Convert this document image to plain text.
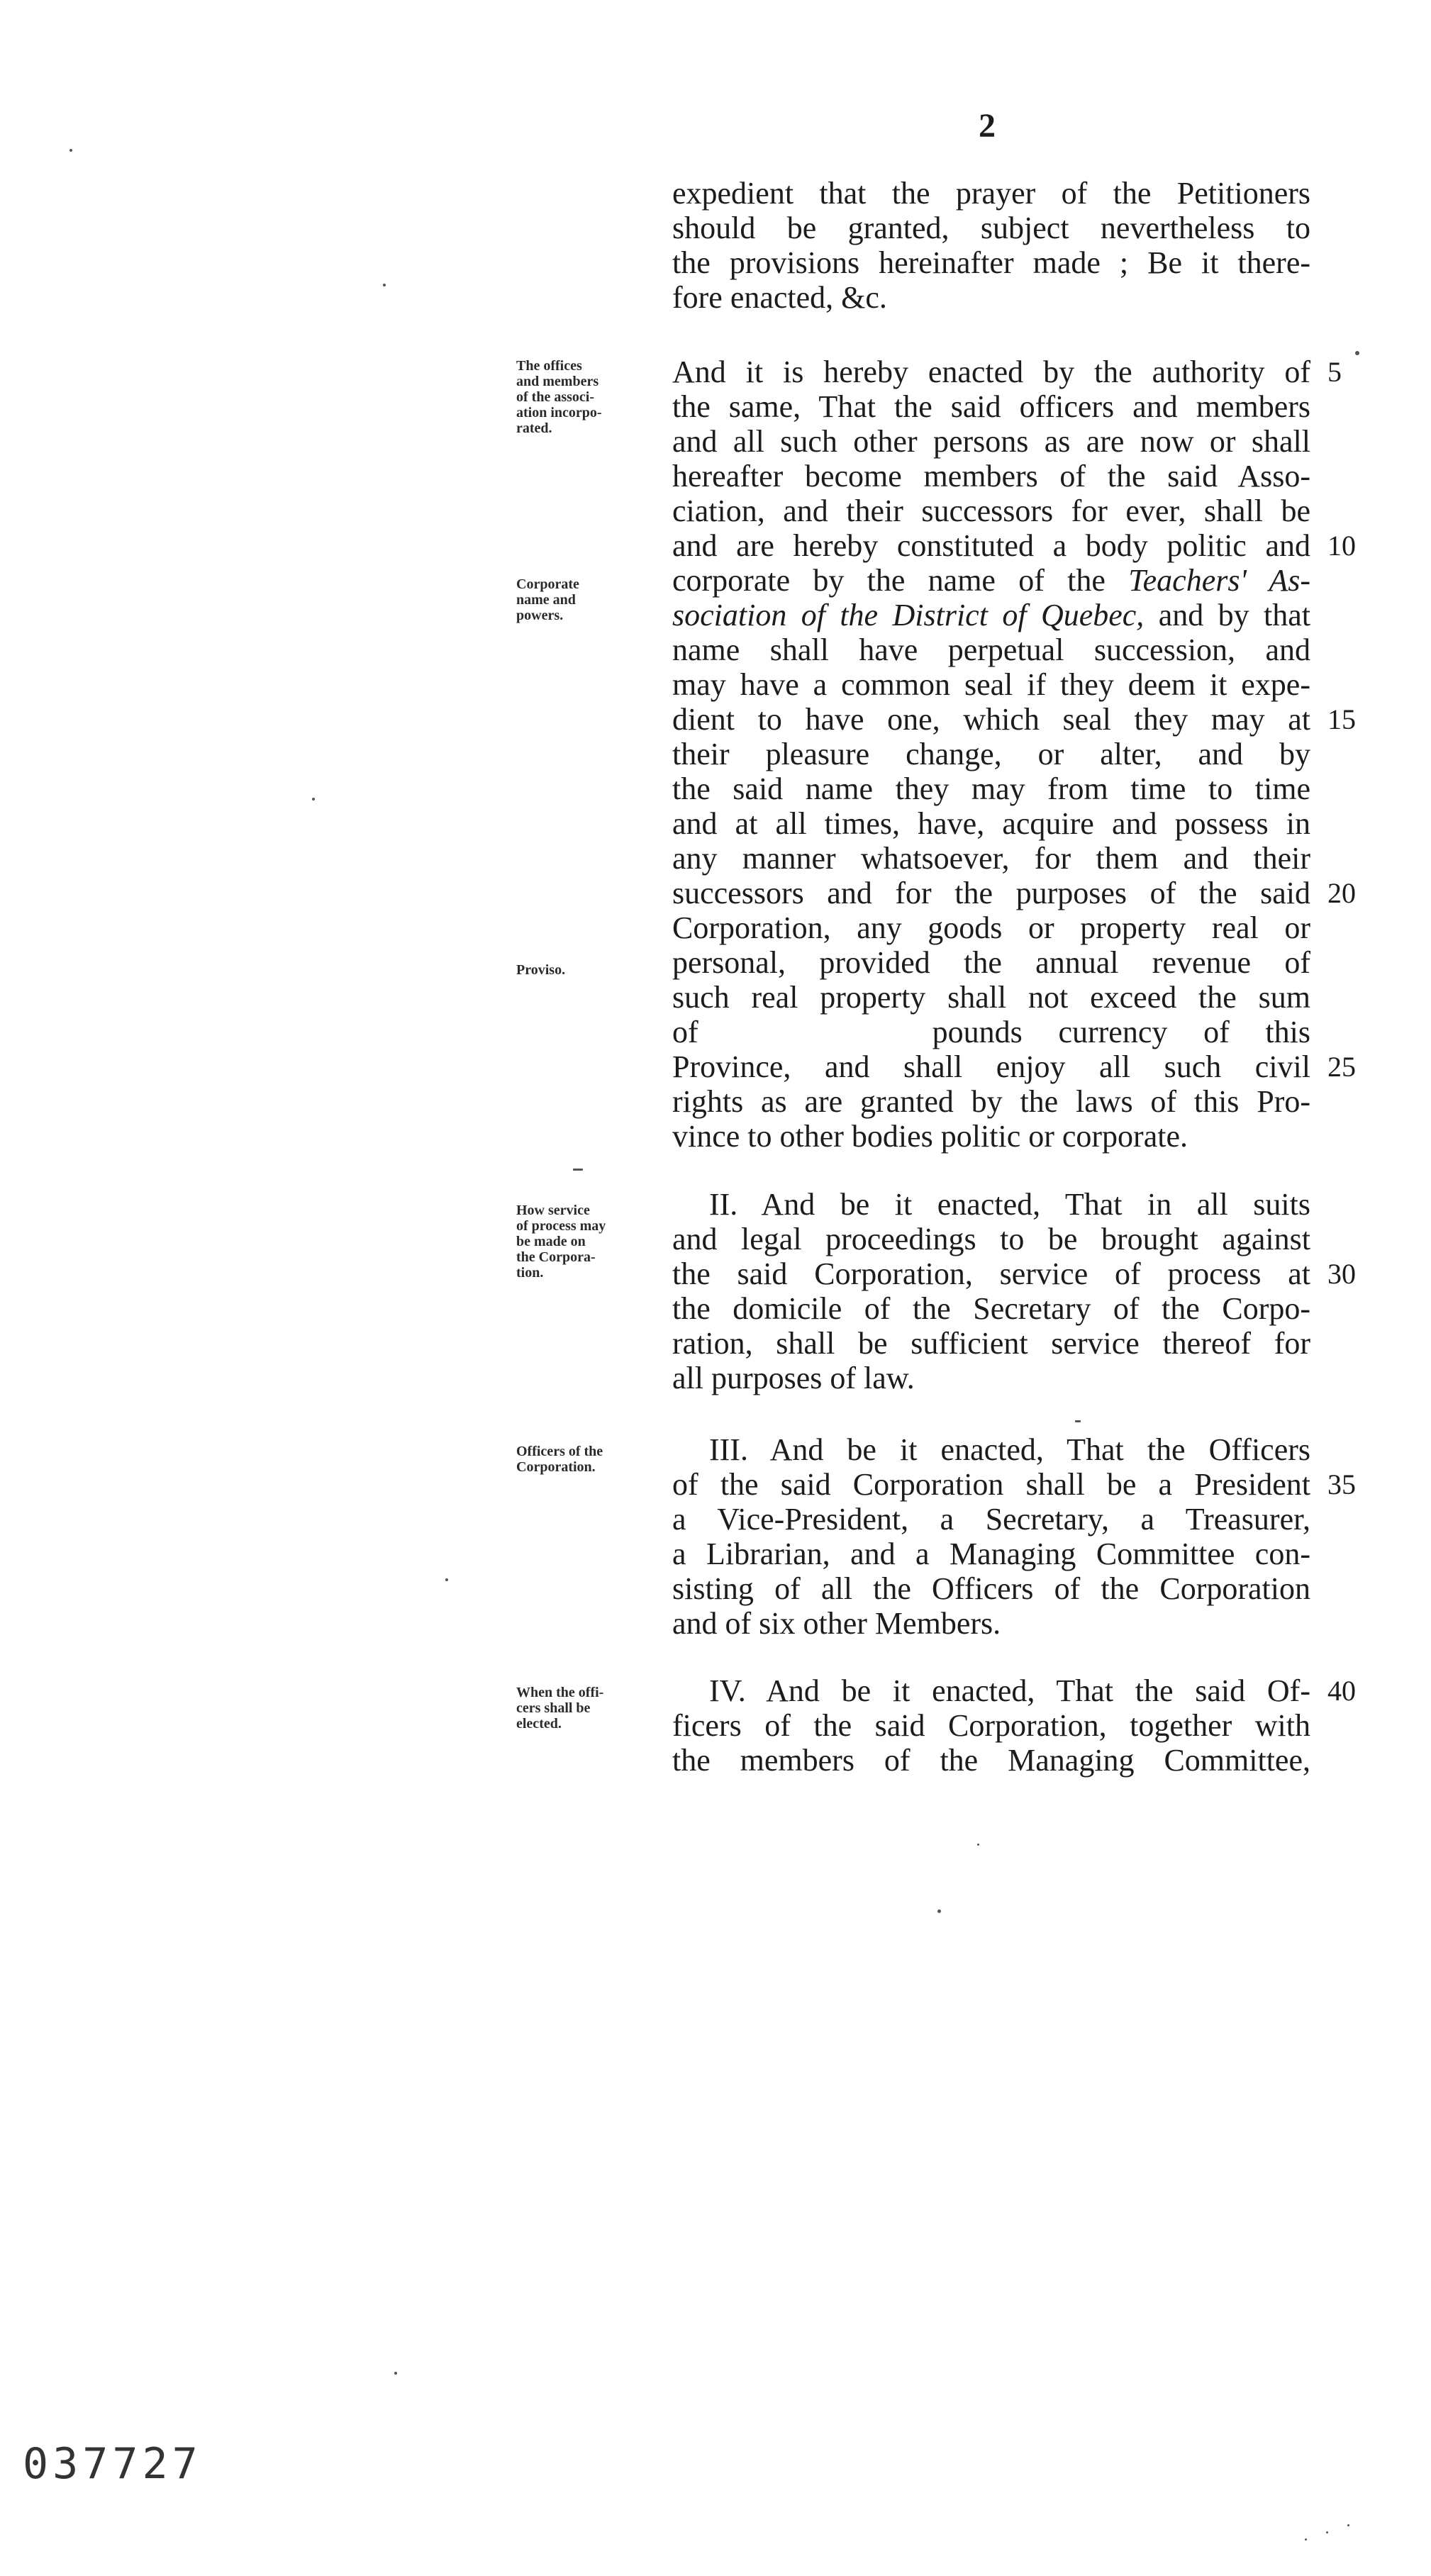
2
expedient that the prayer of the Petitioners
should be granted, subject nevertheless to
the provisions hereinafter made ; Be it there-
fore enacted, &c.
And it is hereby enacted by the authority of
the same, That the said officers and members
and all such other persons as are now or shall
hereafter become members of the said Asso-
ciation, and their successors for ever, shall be
and are hereby constituted a body politic and
corporate by the name of the Teachers' As-
sociation of the District of Quebec, and by that
name shall have perpetual succession, and
may have a common seal if they deem it expe-
dient to have one, which seal they may at
their pleasure change, or alter, and by
the said name they may from time to time
and at all times, have, acquire and possess in
any manner whatsoever, for them and their
successors and for the purposes of the said
Corporation, any goods or property real or
personal, provided the annual revenue of
such real property shall not exceed the sum
of	pounds currency of this
Province, and shall enjoy all such civil
rights as are granted by the laws of this Pro-
vince to other bodies politic or corporate.
II. And be it enacted, That in all suits
and legal proceedings to be brought against
the said Corporation, service of process at
the domicile of the Secretary of the Corpo-
ration, shall be sufficient service thereof for
all purposes of law.
III. And be it enacted, That the Officers
of the said Corporation shall be a President
a Vice-President, a Secretary, a Treasurer,
a Librarian, and a Managing Committee con-
sisting of all the Officers of the Corporation
and of six other Members.
IV. And be it enacted, That the said Of-
ficers of the said Corporation, together with
the members of the Managing Committee,
The offices
and members
of the associ-
ation incorpo-
rated.
Corporate
name and
powers.
Proviso.
How service
of process may
be made on
the Corpora-
tion.
Officers of the
Corporation.
When the offi-
cers shall be
elected.
5
10
15
20
25
30
35
40
037727
